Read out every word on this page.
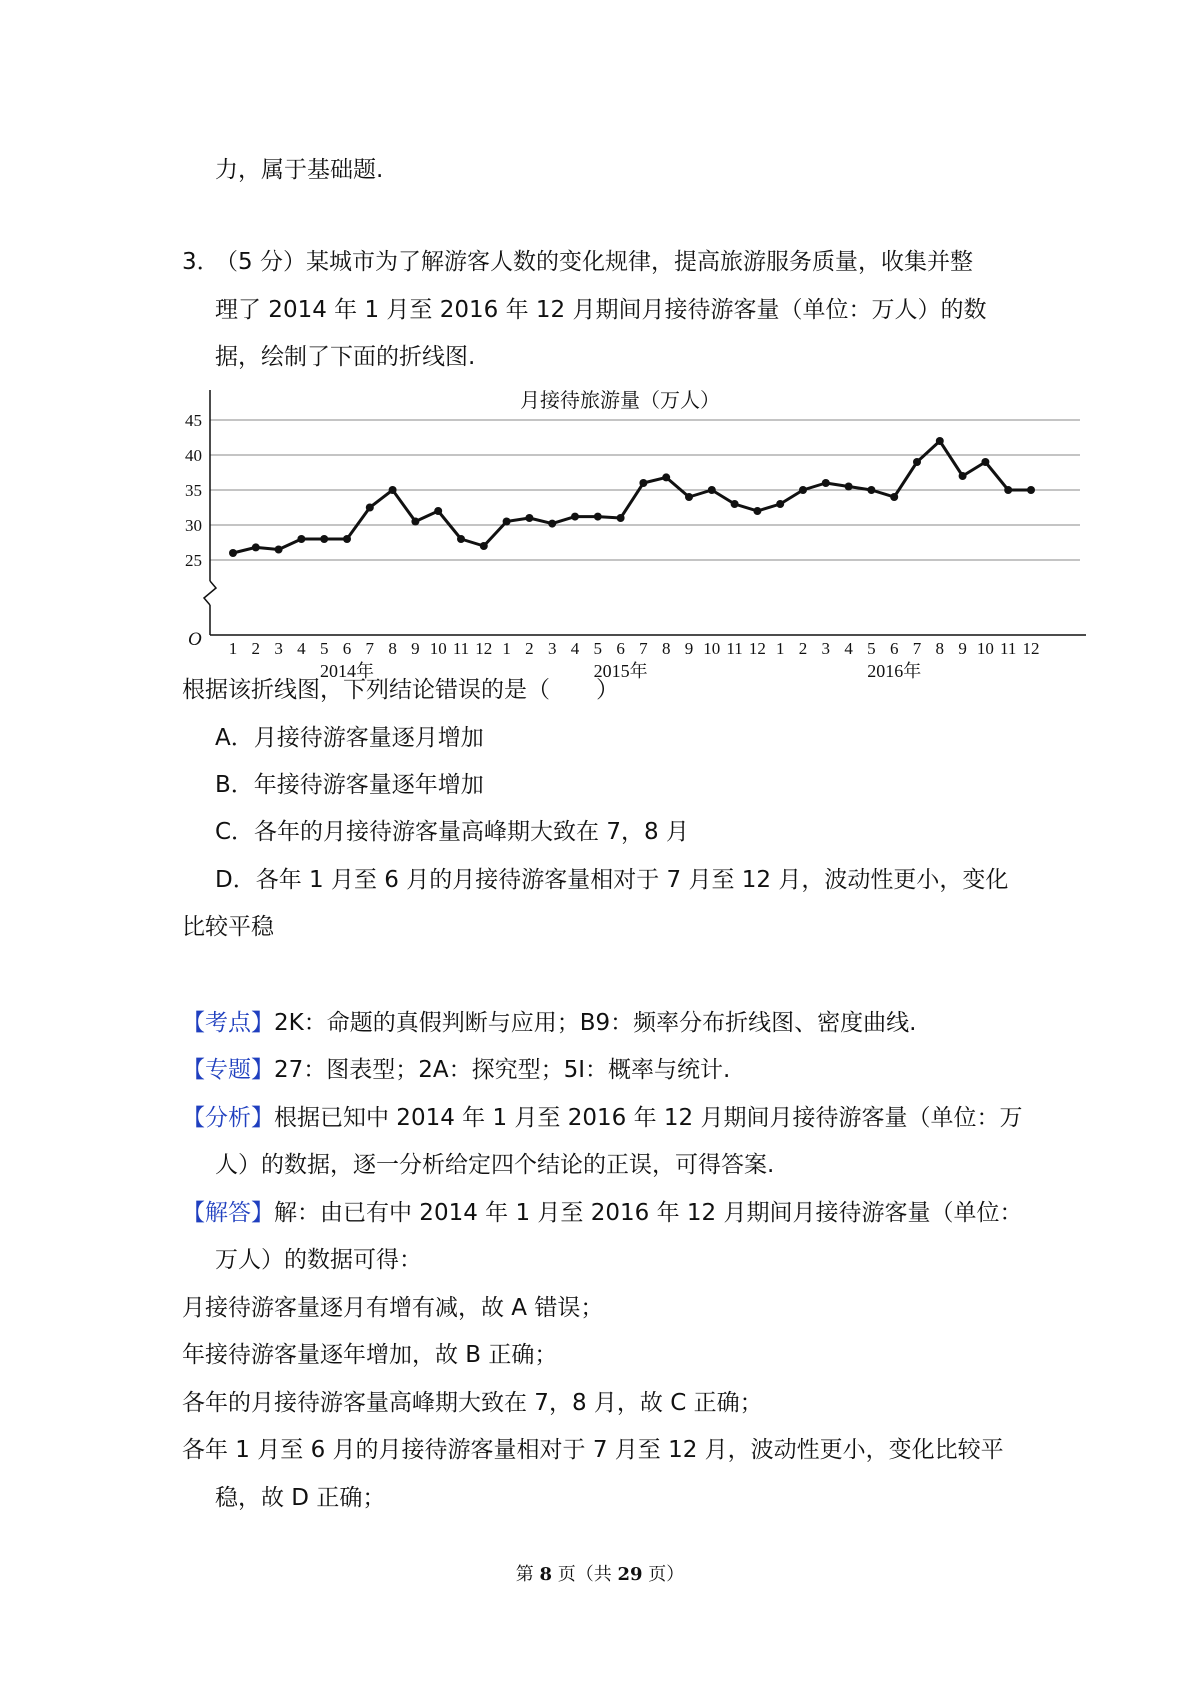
力，属于基础题.
3．
（5 分）某城市为了解游客人数的变化规律，提高旅游服务质量，收集并整
理了 2014 年 1 月至 2016 年 12 月期间月接待游客量（单位：万人）的数
据，绘制了下面的折线图.
月接待旅游量（万人）
25
30
35
40
45
O 1 2 3 4 5 6 7 8 9 10 11 12 1 2 3 4 5 6 7 8 9 10 11 12 1 2 3 4 5 6 7 8 9 10 11 12
2014年	2015年	2016年
根据该折线图，下列结论错误的是（　　）
A．月接待游客量逐月增加
B．年接待游客量逐年增加
C．各年的月接待游客量高峰期大致在 7，8 月
D．各年 1 月至 6 月的月接待游客量相对于 7 月至 12 月，波动性更小，变化
比较平稳
【考点】2K：命题的真假判断与应用；B9：频率分布折线图、密度曲线.
【专题】27：图表型；2A：探究型；5I：概率与统计.
【分析】根据已知中 2014 年 1 月至 2016 年 12 月期间月接待游客量（单位：万
人）的数据，逐一分析给定四个结论的正误，可得答案.
【解答】解：由已有中 2014 年 1 月至 2016 年 12 月期间月接待游客量（单位：
万人）的数据可得：
月接待游客量逐月有增有减，故 A 错误；
年接待游客量逐年增加，故 B 正确；
各年的月接待游客量高峰期大致在 7，8 月，故 C 正确；
各年 1 月至 6 月的月接待游客量相对于 7 月至 12 月，波动性更小，变化比较平
稳，故 D 正确；
第 8 页（共 29 页）
